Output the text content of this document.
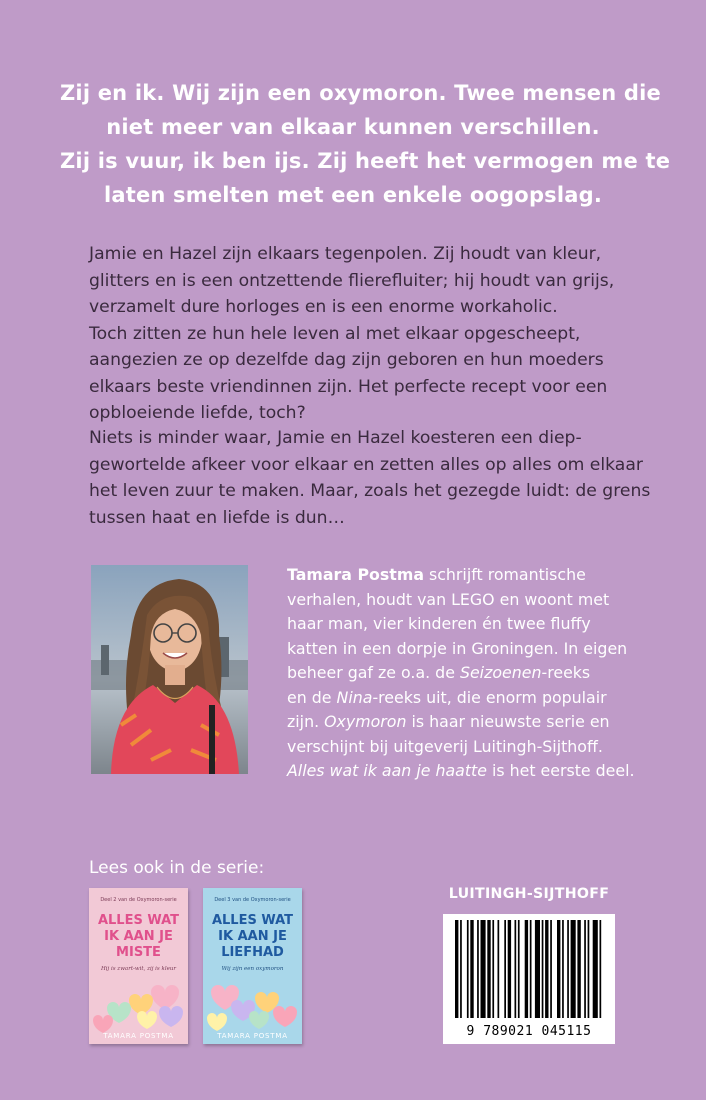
Zij en ik. Wij zijn een oxymoron. Twee mensen die
niet meer van elkaar kunnen verschillen.
Zij is vuur, ik ben ijs. Zij heeft het vermogen me te
laten smelten met een enkele oogopslag.
Jamie en Hazel zijn elkaars tegenpolen. Zij houdt van kleur,
glitters en is een ontzettende flierefluiter; hij houdt van grijs,
verzamelt dure horloges en is een enorme workaholic.
Toch zitten ze hun hele leven al met elkaar opgescheept,
aangezien ze op dezelfde dag zijn geboren en hun moeders
elkaars beste vriendinnen zijn. Het perfecte recept voor een
opbloeiende liefde, toch?
Niets is minder waar, Jamie en Hazel koesteren een diep-
gewortelde afkeer voor elkaar en zetten alles op alles om elkaar
het leven zuur te maken. Maar, zoals het gezegde luidt: de grens
tussen haat en liefde is dun…
Tamara Postma schrijft romantische
verhalen, houdt van LEGO en woont met
haar man, vier kinderen én twee fluffy
katten in een dorpje in Groningen. In eigen
beheer gaf ze o.a. de Seizoenen-reeks
en de Nina-reeks uit, die enorm populair
zijn. Oxymoron is haar nieuwste serie en
verschijnt bij uitgeverij Luitingh-Sijthoff.
Alles wat ik aan je haatte is het eerste deel.
Lees ook in de serie:
Deel 2 van de Oxymoron-serie
ALLES WAT
IK AAN JE
MISTE
Hij is zwart-wit, zij is kleur
TAMARA POSTMA
Deel 3 van de Oxymoron-serie
ALLES WAT
IK AAN JE
LIEFHAD
Wij zijn een oxymoron
TAMARA POSTMA
LUITINGH-SIJTHOFF
9 789021 045115
